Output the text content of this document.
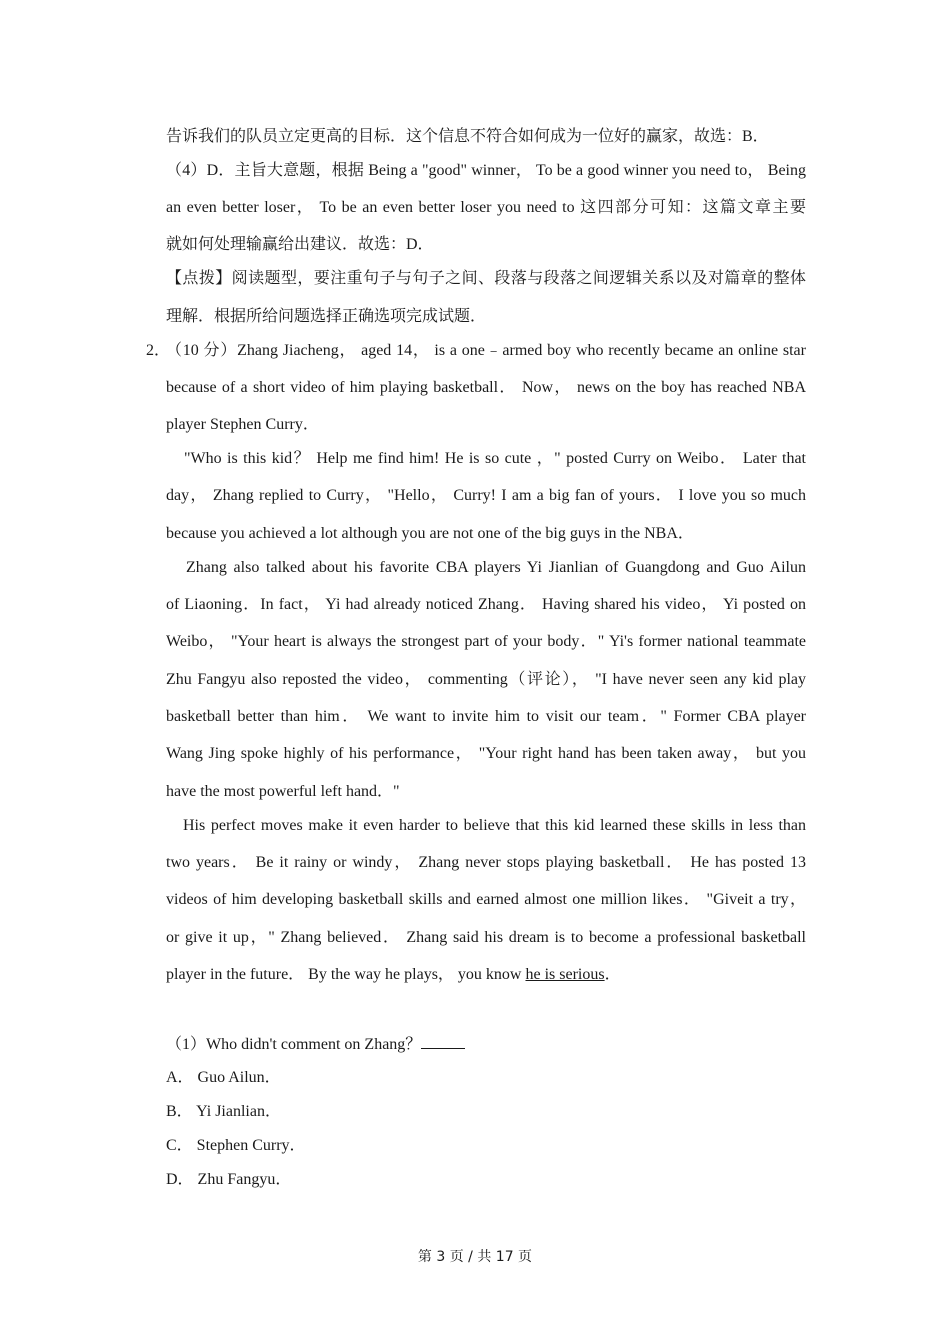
告诉我们的队员立定更高的目标．这个信息不符合如何成为一位好的赢家，故选：B．
（4）D．主旨大意题，根据 Being a "good" winner， To be a good winner you need to， Being
an even better loser， To be an even better loser you need to 这四部分可知：这篇文章主要
就如何处理输赢给出建议．故选：D．
【点拨】阅读题型，要注重句子与句子之间、段落与段落之间逻辑关系以及对篇章的整体
理解．根据所给问题选择正确选项完成试题．
2．
（10 分）Zhang Jiacheng， aged 14， is a one﹣armed boy who recently became an online star
because of a short video of him playing basketball． Now， news on the boy has reached NBA
player Stephen Curry．
"Who is this kid？ Help me find him! He is so cute ，" posted Curry on Weibo． Later that
day， Zhang replied to Curry， "Hello， Curry! I am a big fan of yours． I love you so much
because you achieved a lot although you are not one of the big guys in the NBA．
Zhang also talked about his favorite CBA players Yi Jianlian of Guangdong and Guo Ailun
of Liaoning．In fact， Yi had already noticed Zhang． Having shared his video， Yi posted on
Weibo， "Your heart is always the strongest part of your body．" Yi's former national teammate
Zhu Fangyu also reposted the video， commenting（评论）， "I have never seen any kid play
basketball better than him． We want to invite him to visit our team．" Former CBA player
Wang Jing spoke highly of his performance， "Your right hand has been taken away， but you
have the most powerful left hand．"
His perfect moves make it even harder to believe that this kid learned these skills in less than
two years． Be it rainy or windy， Zhang never stops playing basketball． He has posted 13
videos of him developing basketball skills and earned almost one million likes． "Giveit a try，
or give it up，" Zhang believed． Zhang said his dream is to become a professional basketball
player in the future． By the way he plays， you know he is serious．
（1）Who didn't comment on Zhang？
A． Guo Ailun．
B． Yi Jianlian．
C． Stephen Curry．
D． Zhu Fangyu．
第 3 页 / 共 17 页
